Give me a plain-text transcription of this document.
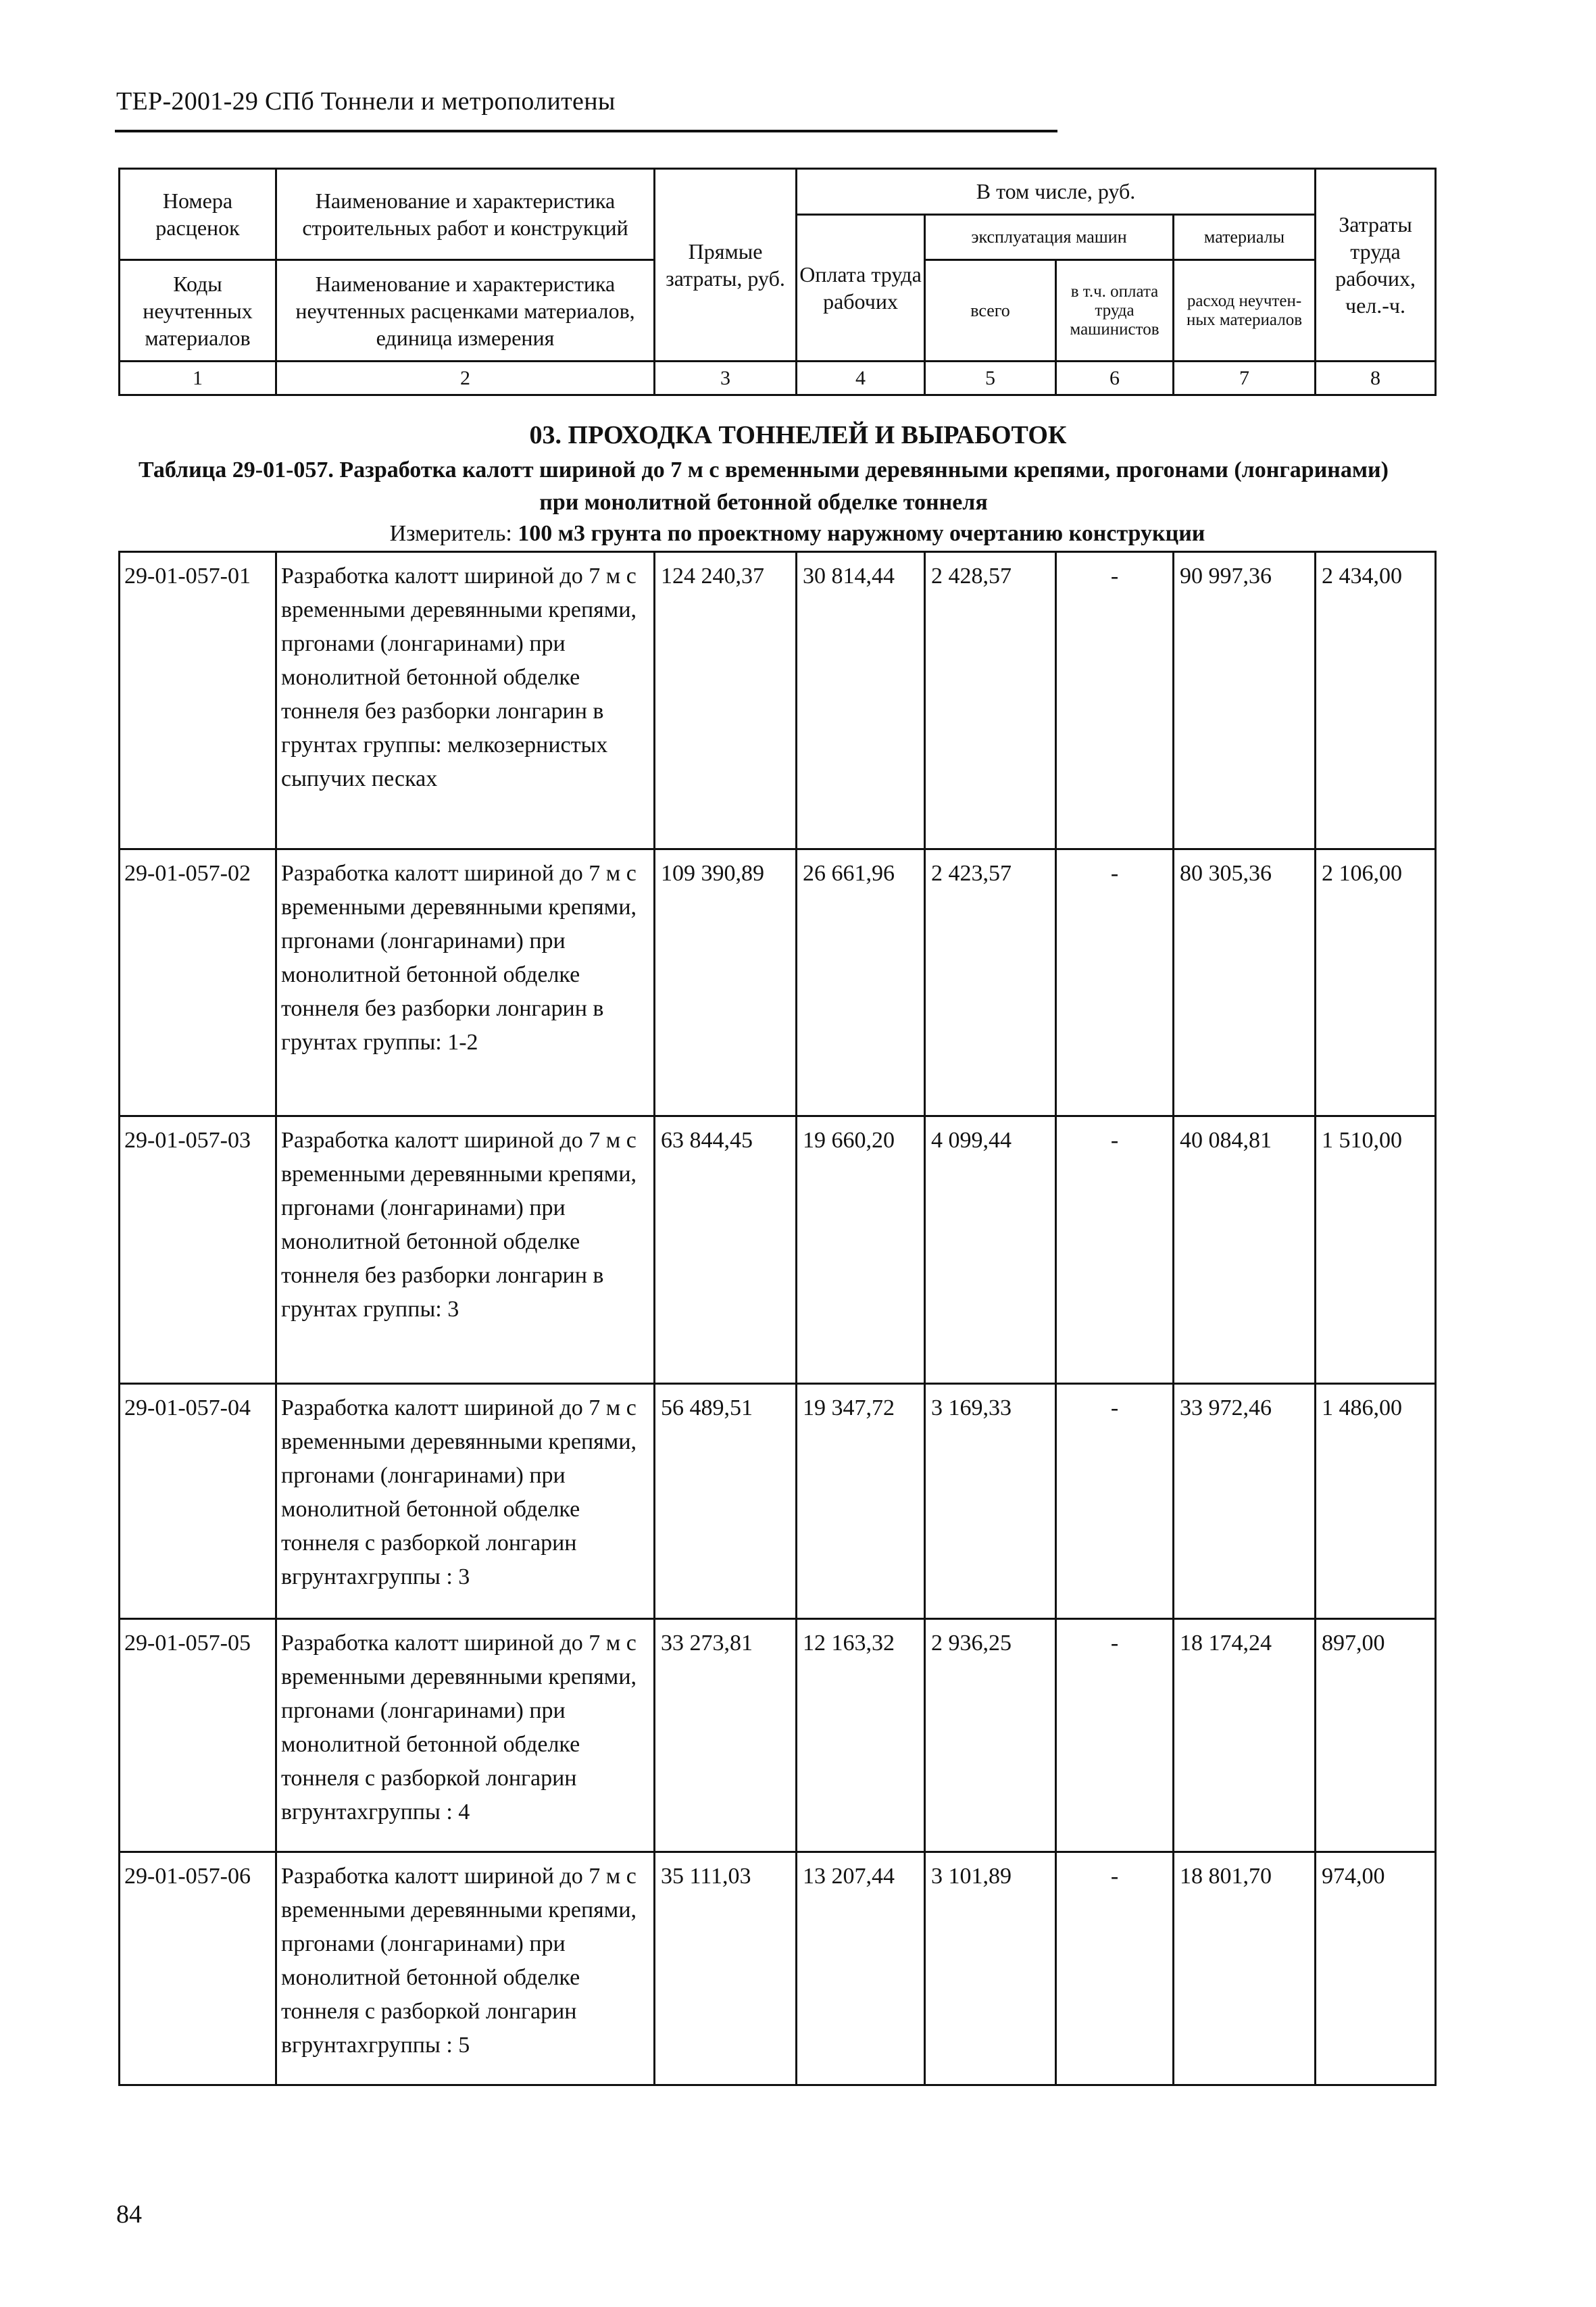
ТЕР-2001-29 СПб Тоннели и метрополитены
Номера расценок	Наименование и характеристика строительных работ и конструкций	Прямые затраты, руб.	В том числе, руб.				Затраты труда рабочих, чел.-ч.
			Оплата труда рабочих	эксплуатация машин		материалы	
Коды неучтенных материалов	Наименование и характеристика неучтенных расценками материалов, единица измерения			всего	в т.ч. оплата труда машинистов	расход неучтен-ных материалов	

1	2	3	4	5	6	7	8
03. ПРОХОДКА ТОННЕЛЕЙ И ВЫРАБОТОК
Таблица 29-01-057. Разработка калотт шириной до 7 м с временными деревянными крепями, прогонами (лонгаринами) при монолитной бетонной обделке тоннеля
Измеритель: 100 м3 грунта по проектному наружному очертанию конструкции
29-01-057-01	Разработка калотт шириной до 7 м с временными деревянными крепями, пргонами (лонгаринами) при монолитной бетонной обделке тоннеля без разборки лонгарин в грунтах группы: мелкозернистых сыпучих песках	124 240,37	30 814,44	2 428,57	-	90 997,36	2 434,00
29-01-057-02	Разработка калотт шириной до 7 м с временными деревянными крепями, пргонами (лонгаринами) при монолитной бетонной обделке тоннеля без разборки лонгарин в грунтах группы: 1-2	109 390,89	26 661,96	2 423,57	-	80 305,36	2 106,00
29-01-057-03	Разработка калотт шириной до 7 м с временными деревянными крепями, пргонами (лонгаринами) при монолитной бетонной обделке тоннеля без разборки лонгарин в грунтах группы: 3	63 844,45	19 660,20	4 099,44	-	40 084,81	1 510,00
29-01-057-04	Разработка калотт шириной до 7 м с временными деревянными крепями, пргонами (лонгаринами) при монолитной бетонной обделке тоннеля с разборкой лонгарин вгрунтахгруппы : 3	56 489,51	19 347,72	3 169,33	-	33 972,46	1 486,00
29-01-057-05	Разработка калотт шириной до 7 м с временными деревянными крепями, пргонами (лонгаринами) при монолитной бетонной обделке тоннеля с разборкой лонгарин вгрунтахгруппы : 4	33 273,81	12 163,32	2 936,25	-	18 174,24	897,00
29-01-057-06	Разработка калотт шириной до 7 м с временными деревянными крепями, пргонами (лонгаринами) при монолитной бетонной обделке тоннеля с разборкой лонгарин вгрунтахгруппы : 5	35 111,03	13 207,44	3 101,89	-	18 801,70	974,00
84
